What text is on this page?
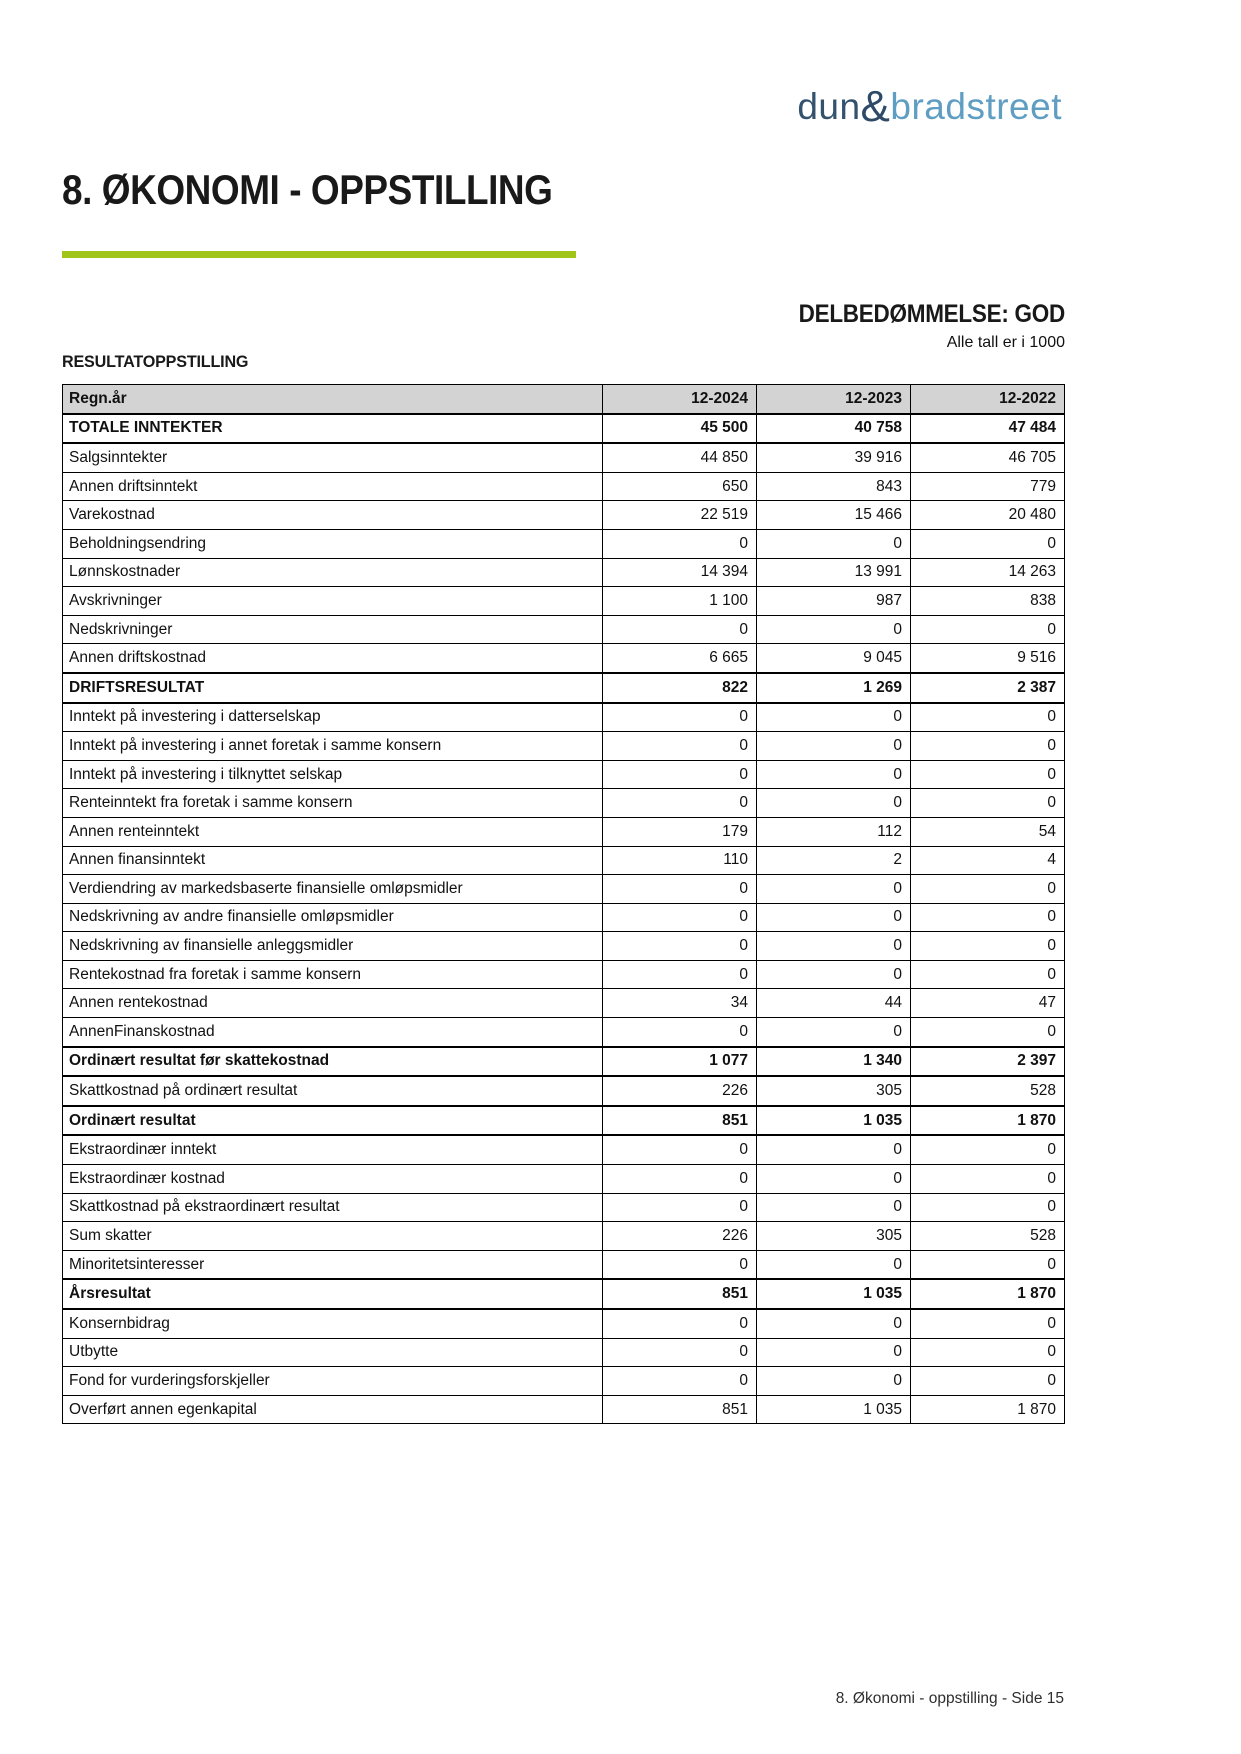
dun&bradstreet
8. ØKONOMI - OPPSTILLING
DELBEDØMMELSE: GOD
Alle tall er i 1000
RESULTATOPPSTILLING
Regn.år	12-2024	12-2023	12-2022
TOTALE INNTEKTER	45 500	40 758	47 484
Salgsinntekter	44 850	39 916	46 705
Annen driftsinntekt	650	843	779
Varekostnad	22 519	15 466	20 480
Beholdningsendring	0	0	0
Lønnskostnader	14 394	13 991	14 263
Avskrivninger	1 100	987	838
Nedskrivninger	0	0	0
Annen driftskostnad	6 665	9 045	9 516
DRIFTSRESULTAT	822	1 269	2 387
Inntekt på investering i datterselskap	0	0	0
Inntekt på investering i annet foretak i samme konsern	0	0	0
Inntekt på investering i tilknyttet selskap	0	0	0
Renteinntekt fra foretak i samme konsern	0	0	0
Annen renteinntekt	179	112	54
Annen finansinntekt	110	2	4
Verdiendring av markedsbaserte finansielle omløpsmidler	0	0	0
Nedskrivning av andre finansielle omløpsmidler	0	0	0
Nedskrivning av finansielle anleggsmidler	0	0	0
Rentekostnad fra foretak i samme konsern	0	0	0
Annen rentekostnad	34	44	47
AnnenFinanskostnad	0	0	0
Ordinært resultat før skattekostnad	1 077	1 340	2 397
Skattkostnad på ordinært resultat	226	305	528
Ordinært resultat	851	1 035	1 870
Ekstraordinær inntekt	0	0	0
Ekstraordinær kostnad	0	0	0
Skattkostnad på ekstraordinært resultat	0	0	0
Sum skatter	226	305	528
Minoritetsinteresser	0	0	0
Årsresultat	851	1 035	1 870
Konsernbidrag	0	0	0
Utbytte	0	0	0
Fond for vurderingsforskjeller	0	0	0
Overført annen egenkapital	851	1 035	1 870
8. Økonomi - oppstilling - Side 15
